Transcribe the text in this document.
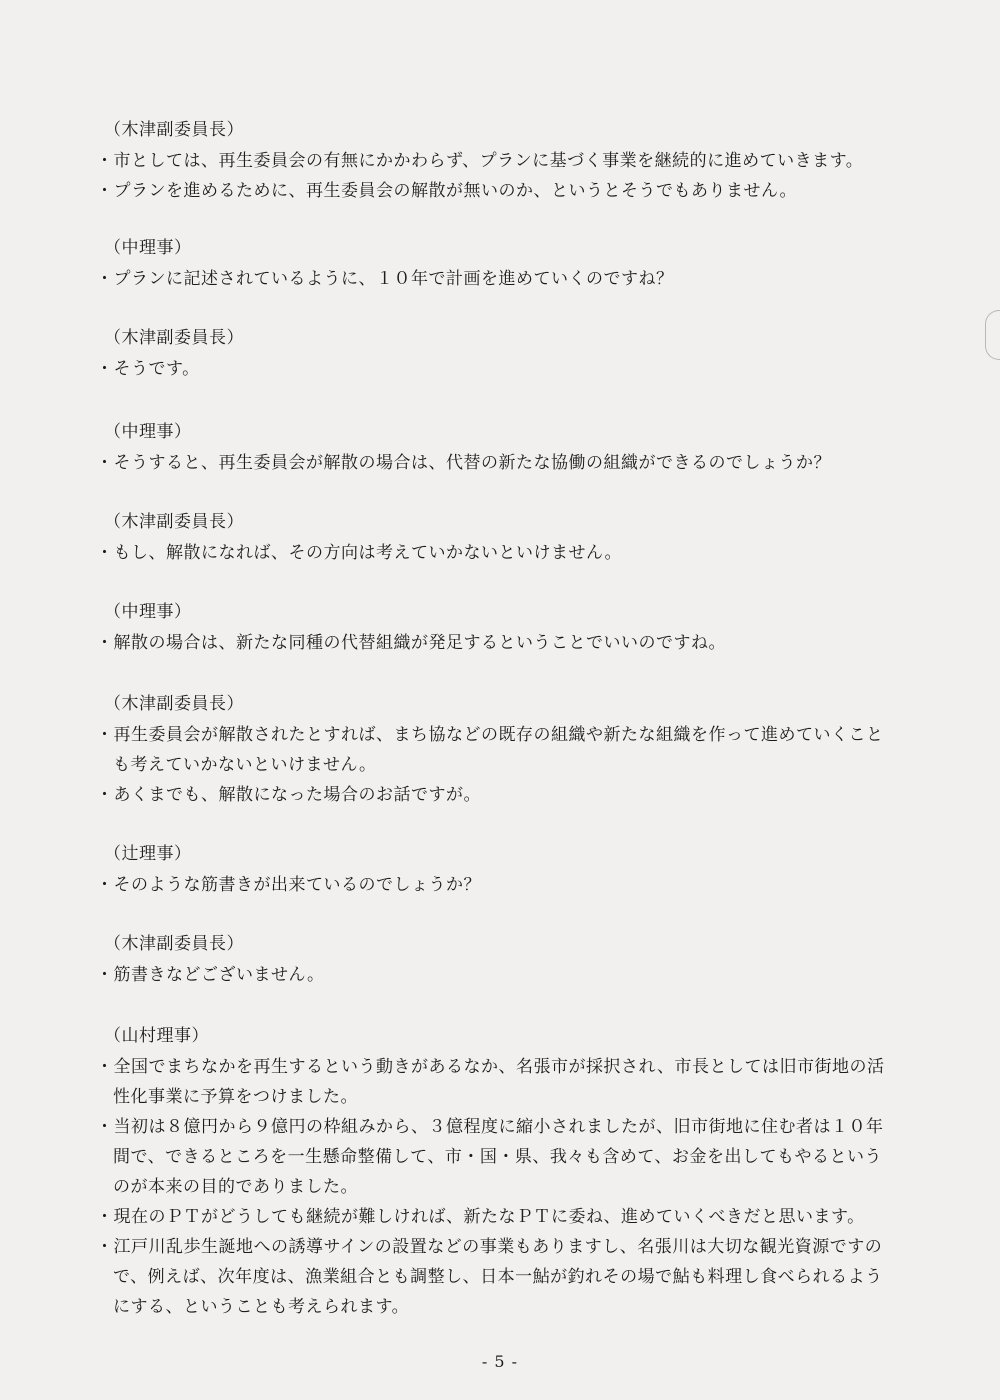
（木津副委員長）
・市としては、再生委員会の有無にかかわらず、プランに基づく事業を継続的に進めていきます。
・プランを進めるために、再生委員会の解散が無いのか、というとそうでもありません。
（中理事）
・プランに記述されているように、１０年で計画を進めていくのですね？
（木津副委員長）
・そうです。
（中理事）
・そうすると、再生委員会が解散の場合は、代替の新たな協働の組織ができるのでしょうか？
（木津副委員長）
・もし、解散になれば、その方向は考えていかないといけません。
（中理事）
・解散の場合は、新たな同種の代替組織が発足するということでいいのですね。
（木津副委員長）
・再生委員会が解散されたとすれば、まち協などの既存の組織や新たな組織を作って進めていくこと
も考えていかないといけません。
・あくまでも、解散になった場合のお話ですが。
（辻理事）
・そのような筋書きが出来ているのでしょうか？
（木津副委員長）
・筋書きなどございません。
（山村理事）
・全国でまちなかを再生するという動きがあるなか、名張市が採択され、市長としては旧市街地の活
性化事業に予算をつけました。
・当初は８億円から９億円の枠組みから、３億程度に縮小されましたが、旧市街地に住む者は１０年
間で、できるところを一生懸命整備して、市・国・県、我々も含めて、お金を出してもやるという
のが本来の目的でありました。
・現在のＰＴがどうしても継続が難しければ、新たなＰＴに委ね、進めていくべきだと思います。
・江戸川乱歩生誕地への誘導サインの設置などの事業もありますし、名張川は大切な観光資源ですの
で、例えば、次年度は、漁業組合とも調整し、日本一鮎が釣れその場で鮎も料理し食べられるよう
にする、ということも考えられます。
- 5 -
